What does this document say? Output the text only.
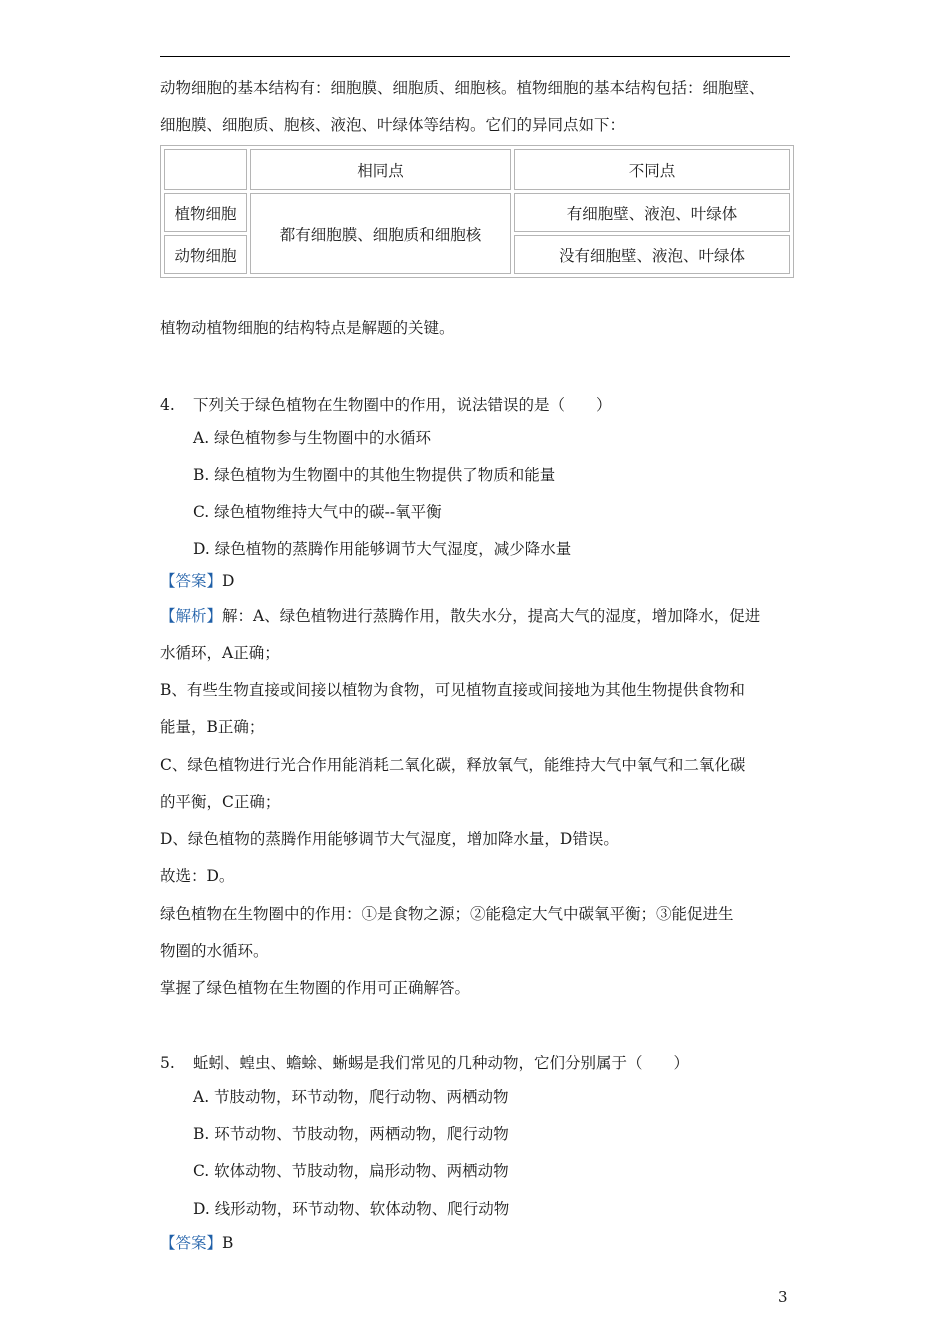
动物细胞的基本结构有：细胞膜、细胞质、细胞核。植物细胞的基本结构包括：细胞壁、
细胞膜、细胞质、胞核、液泡、叶绿体等结构。它们的异同点如下：
	相同点	不同点
植物细胞	都有细胞膜、细胞质和细胞核	有细胞壁、液泡、叶绿体
动物细胞		没有细胞壁、液泡、叶绿体
植物动植物细胞的结构特点是解题的关键。
4. 下列关于绿色植物在生物圈中的作用，说法错误的是（　　）
A. 绿色植物参与生物圈中的水循环
B. 绿色植物为生物圈中的其他生物提供了物质和能量
C. 绿色植物维持大气中的碳--氧平衡
D. 绿色植物的蒸腾作用能够调节大气湿度，减少降水量
【答案】D
【解析】解：A、绿色植物进行蒸腾作用，散失水分，提高大气的湿度，增加降水，促进
水循环，A正确；
B、有些生物直接或间接以植物为食物，可见植物直接或间接地为其他生物提供食物和
能量，B正确；
C、绿色植物进行光合作用能消耗二氧化碳，释放氧气，能维持大气中氧气和二氧化碳
的平衡，C正确；
D、绿色植物的蒸腾作用能够调节大气湿度，增加降水量，D错误。
故选：D。
绿色植物在生物圈中的作用：①是食物之源；②能稳定大气中碳氧平衡；③能促进生
物圈的水循环。
掌握了绿色植物在生物圈的作用可正确解答。
5. 蚯蚓、蝗虫、蟾蜍、蜥蜴是我们常见的几种动物，它们分别属于（　　）
A. 节肢动物，环节动物，爬行动物、两栖动物
B. 环节动物、节肢动物，两栖动物，爬行动物
C. 软体动物、节肢动物，扁形动物、两栖动物
D. 线形动物，环节动物、软体动物、爬行动物
【答案】B
3
